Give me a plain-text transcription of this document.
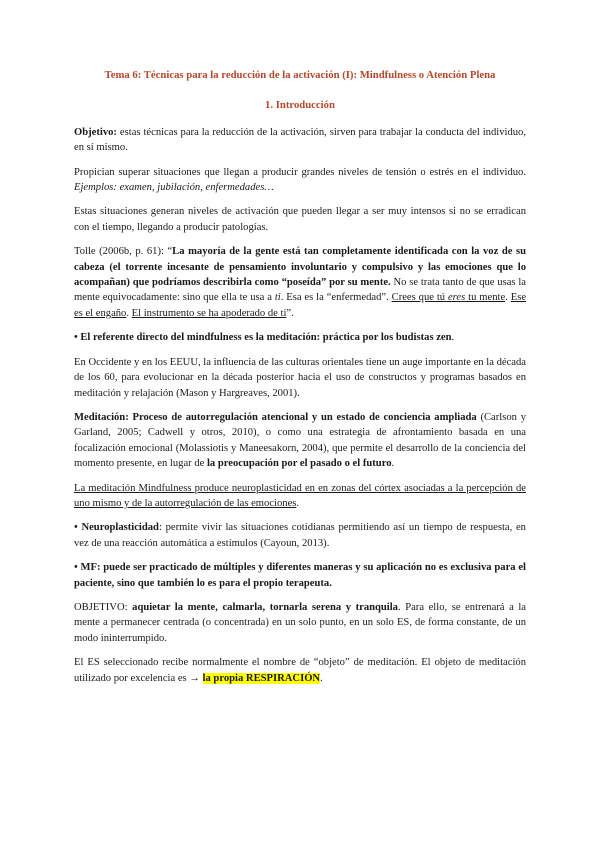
Tema 6: Técnicas para la reducción de la activación (I): Mindfulness o Atención Plena
1. Introducción

Objetivo: estas técnicas para la reducción de la activación, sirven para trabajar la conducta del individuo, en sí mismo.

Propician superar situaciones que llegan a producir grandes niveles de tensión o estrés en el individuo. Ejemplos: examen, jubilación, enfermedades…

Estas situaciones generan niveles de activación que pueden llegar a ser muy intensos si no se erradican con el tiempo, llegando a producir patologías.

Tolle (2006b, p. 61): “La mayoría de la gente está tan completamente identificada con la voz de su cabeza (el torrente incesante de pensamiento involuntario y compulsivo y las emociones que lo acompañan) que podríamos describirla como “poseída” por su mente. No se trata tanto de que usas la mente equivocadamente: sino que ella te usa a ti. Esa es la “enfermedad”. Crees que tú eres tu mente. Ese es el engaño. El instrumento se ha apoderado de ti”.

• El referente directo del mindfulness es la meditación: práctica por los budistas zen.

En Occidente y en los EEUU, la influencia de las culturas orientales tiene un auge importante en la década de los 60, para evolucionar en la década posterior hacia el uso de constructos y programas basados en meditación y relajación (Mason y Hargreaves, 2001).

Meditación: Proceso de autorregulación atencional y un estado de conciencia ampliada (Carlson y Garland, 2005; Cadwell y otros, 2010), o como una estrategia de afrontamiento basada en una focalización emocional (Molassiotis y Maneesakorn, 2004), que permite el desarrollo de la conciencia del momento presente, en lugar de la preocupación por el pasado o el futuro.

La meditación Mindfulness produce neuroplasticidad en en zonas del córtex asociadas a la percepción de uno mismo y de la autorregulación de las emociones.

• Neuroplasticidad: permite vivir las situaciones cotidianas permitiendo así un tiempo de respuesta, en vez de una reacción automática a estímulos (Cayoun, 2013).

• MF: puede ser practicado de múltiples y diferentes maneras y su aplicación no es exclusiva para el paciente, sino que también lo es para el propio terapeuta.

OBJETIVO: aquietar la mente, calmarla, tornarla serena y tranquila. Para ello, se entrenará a la mente a permanecer centrada (o concentrada) en un solo punto, en un solo ES, de forma constante, de un modo ininterrumpido.

El ES seleccionado recibe normalmente el nombre de “objeto” de meditación. El objeto de meditación utilizado por excelencia es → la propia RESPIRACIÓN.
